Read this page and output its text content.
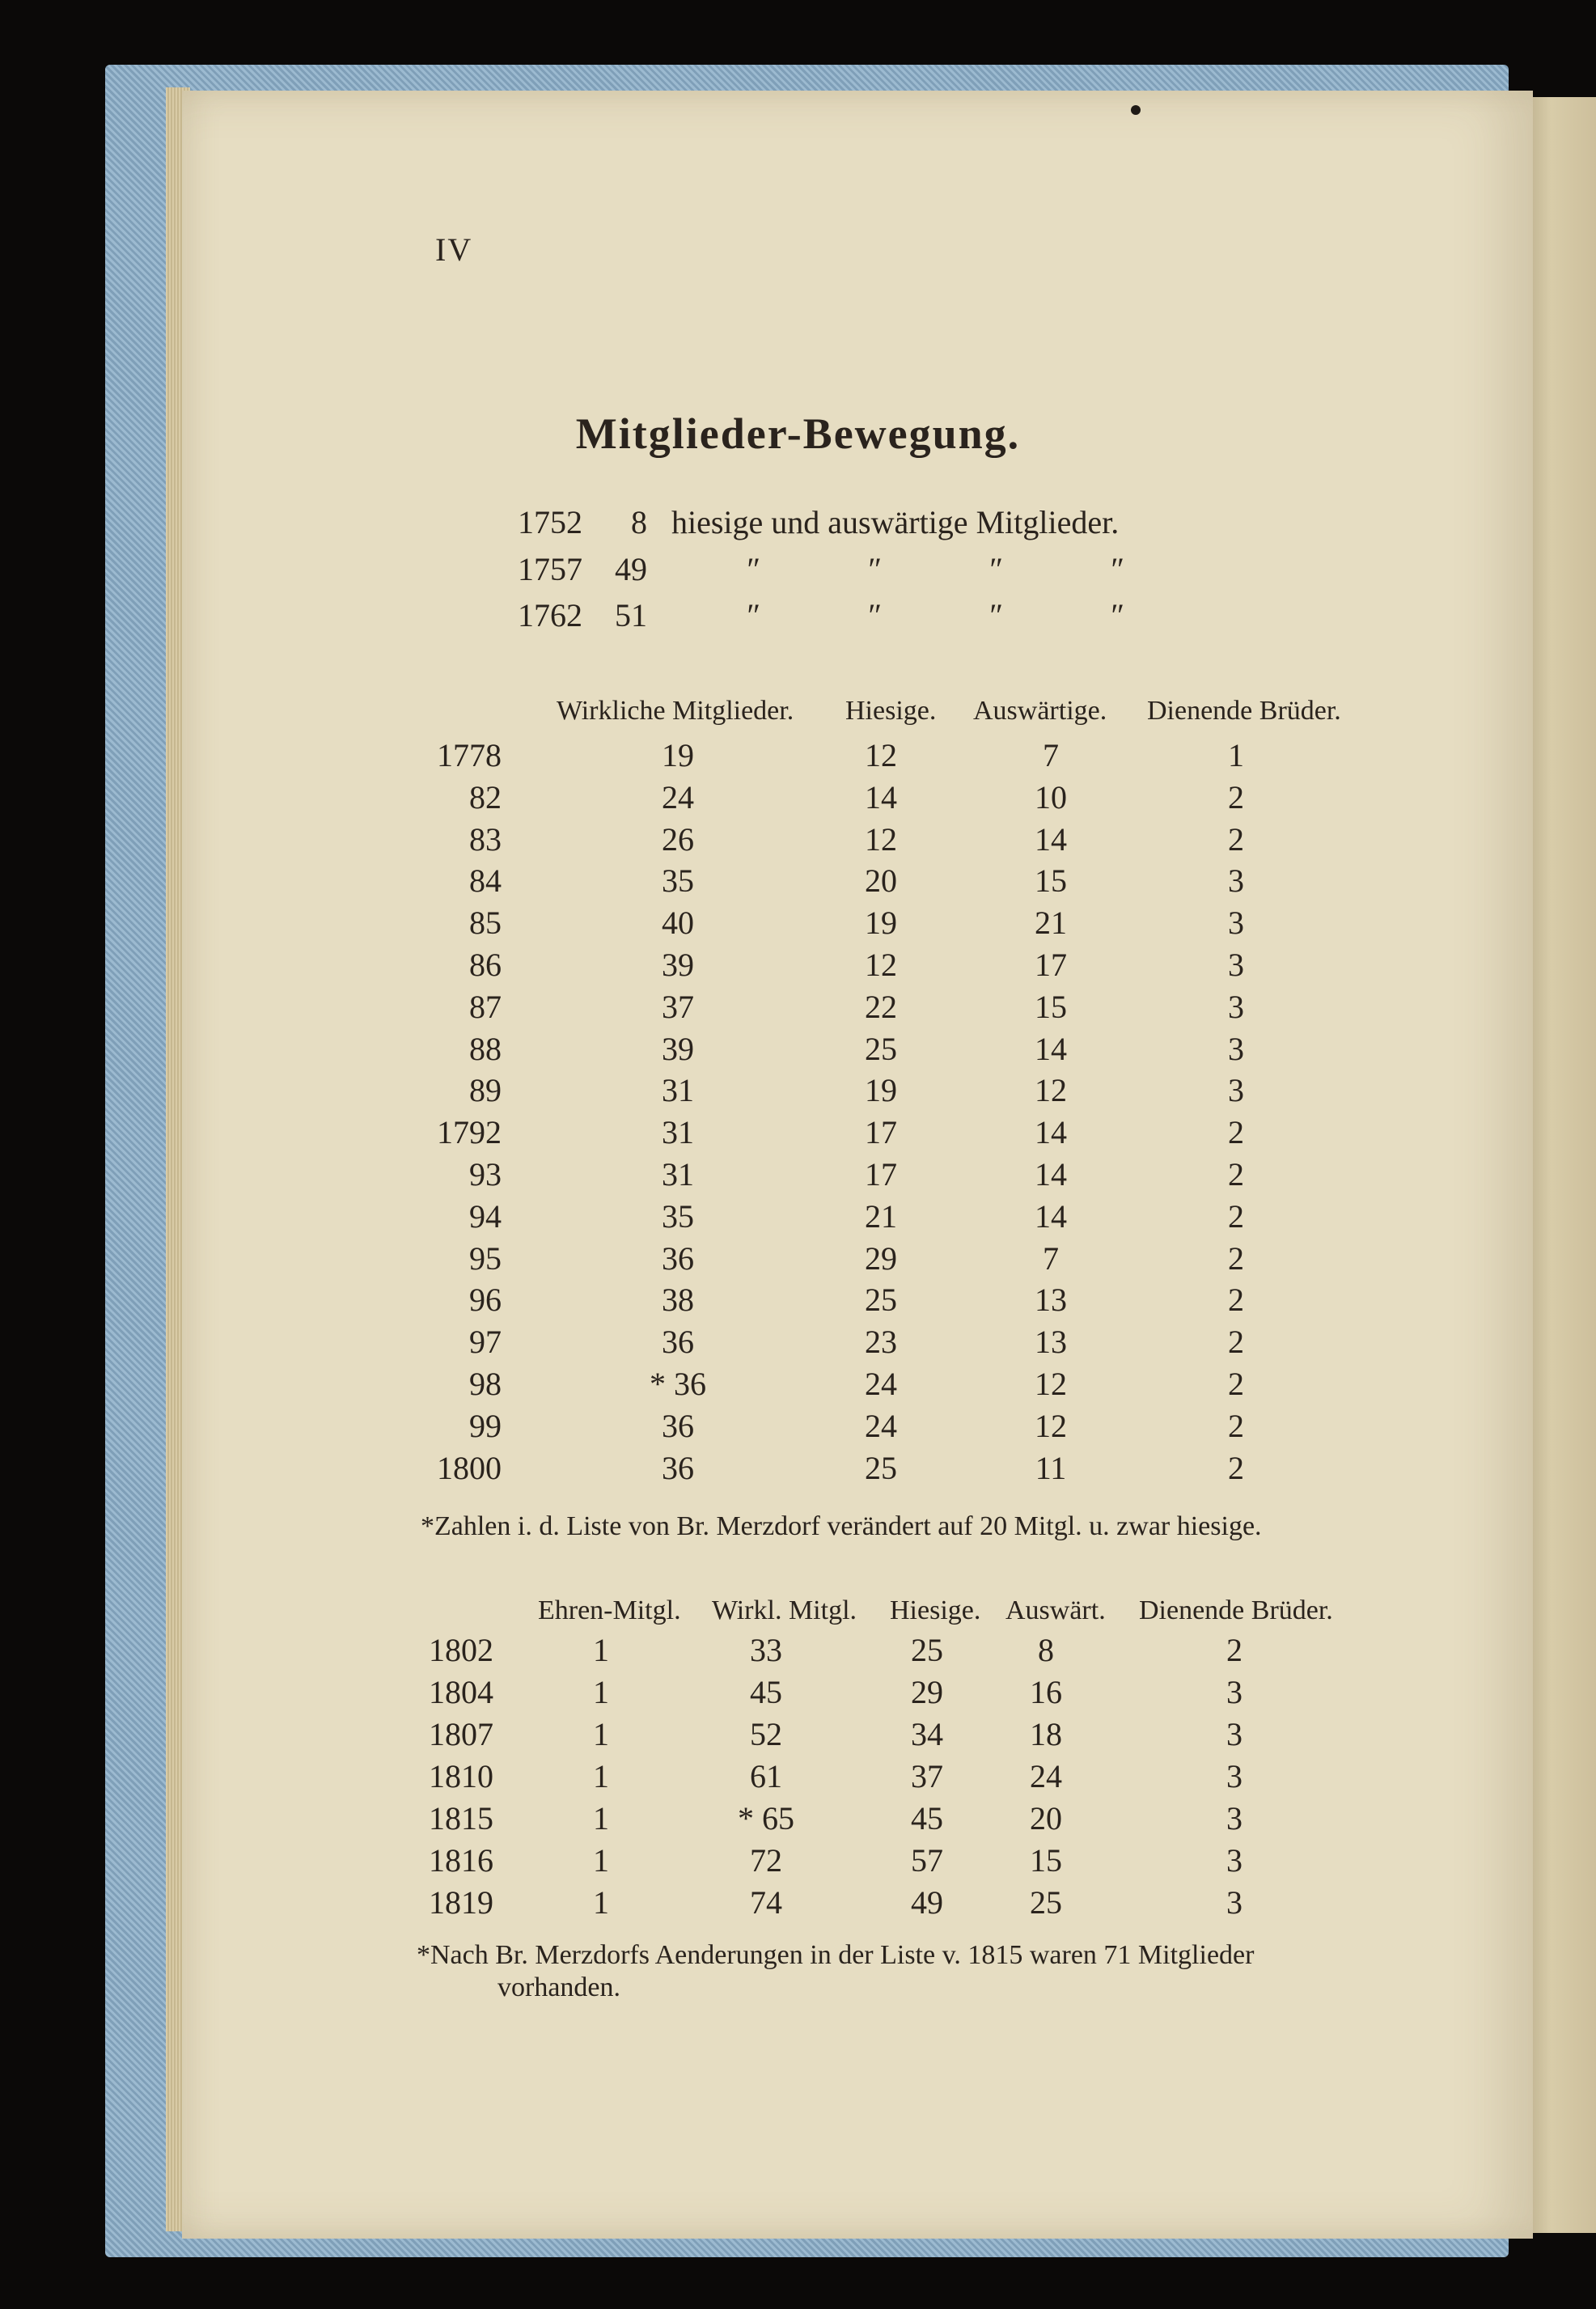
IV
Mitglieder-Bewegung.
1752 8 hiesige und auswärtige Mitglieder.
1757 49	″	″	″	″
1762 51	″	″	″	″
Wirkliche Mitglieder. Hiesige. Auswärtige. Dienende Brüder.
1778	19	12	7	1
82	24	14	10	2
83	26	12	14	2
84	35	20	15	3
85	40	19	21	3
86	39	12	17	3
87	37	22	15	3
88	39	25	14	3
89	31	19	12	3
1792	31	17	14	2
93	31	17	14	2
94	35	21	14	2
95	36	29	7	2
96	38	25	13	2
97	36	23	13	2
98	* 36	24	12	2
99	36	24	12	2
1800	36	25	11	2
*Zahlen i. d. Liste von Br. Merzdorf verändert auf 20 Mitgl. u. zwar hiesige.
Ehren-Mitgl. Wirkl. Mitgl. Hiesige. Auswärt. Dienende Brüder.
1802	1	33	25	8	2
1804	1	45	29	16	3
1807	1	52	34	18	3
1810	1	61	37	24	3
1815	1	* 65	45	20	3
1816	1	72	57	15	3
1819	1	74	49	25	3
*Nach Br. Merzdorfs Aenderungen in der Liste v. 1815 waren 71 Mitglieder
vorhanden.
